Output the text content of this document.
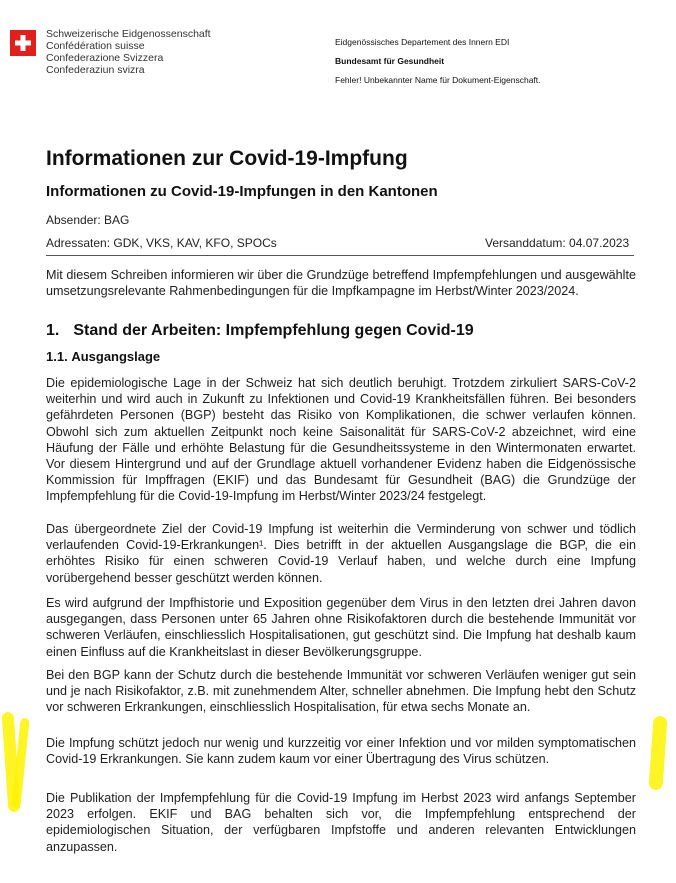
Schweizerische Eidgenossenschaft
Confédération suisse
Confederazione Svizzera
Confederaziun svizra
Eidgenössisches Departement des Innern EDI
Bundesamt für Gesundheit
Fehler! Unbekannter Name für Dokument-Eigenschaft.
Informationen zur Covid-19-Impfung
Informationen zu Covid-19-Impfungen in den Kantonen
Absender: BAG
Adressaten: GDK, VKS, KAV, KFO, SPOCs	Versanddatum: 04.07.2023
Mit diesem Schreiben informieren wir über die Grundzüge betreffend Impfempfehlungen und ausgewählte umsetzungsrelevante Rahmenbedingungen für die Impfkampagne im Herbst/Winter 2023/2024.
1. Stand der Arbeiten: Impfempfehlung gegen Covid-19
1.1. Ausgangslage
Die epidemiologische Lage in der Schweiz hat sich deutlich beruhigt. Trotzdem zirkuliert SARS-CoV-2 weiterhin und wird auch in Zukunft zu Infektionen und Covid-19 Krankheitsfällen führen. Bei besonders gefährdeten Personen (BGP) besteht das Risiko von Komplikationen, die schwer verlaufen können. Obwohl sich zum aktuellen Zeitpunkt noch keine Saisonalität für SARS-CoV-2 abzeichnet, wird eine Häufung der Fälle und erhöhte Belastung für die Gesundheitssysteme in den Wintermonaten erwartet. Vor diesem Hintergrund und auf der Grundlage aktuell vorhandener Evidenz haben die Eidgenössische Kommission für Impffragen (EKIF) und das Bundesamt für Gesundheit (BAG) die Grundzüge der Impfempfehlung für die Covid-19-Impfung im Herbst/Winter 2023/24 festgelegt.
Das übergeordnete Ziel der Covid-19 Impfung ist weiterhin die Verminderung von schwer und tödlich verlaufenden Covid-19-Erkrankungen¹. Dies betrifft in der aktuellen Ausgangslage die BGP, die ein erhöhtes Risiko für einen schweren Covid-19 Verlauf haben, und welche durch eine Impfung vorübergehend besser geschützt werden können.
Es wird aufgrund der Impfhistorie und Exposition gegenüber dem Virus in den letzten drei Jahren davon ausgegangen, dass Personen unter 65 Jahren ohne Risikofaktoren durch die bestehende Immunität vor schweren Verläufen, einschliesslich Hospitalisationen, gut geschützt sind. Die Impfung hat deshalb kaum einen Einfluss auf die Krankheitslast in dieser Bevölkerungsgruppe.
Bei den BGP kann der Schutz durch die bestehende Immunität vor schweren Verläufen weniger gut sein und je nach Risikofaktor, z.B. mit zunehmendem Alter, schneller abnehmen. Die Impfung hebt den Schutz vor schweren Erkrankungen, einschliesslich Hospitalisation, für etwa sechs Monate an.
Die Impfung schützt jedoch nur wenig und kurzzeitig vor einer Infektion und vor milden symptomatischen Covid-19 Erkrankungen. Sie kann zudem kaum vor einer Übertragung des Virus schützen.
Die Publikation der Impfempfehlung für die Covid-19 Impfung im Herbst 2023 wird anfangs September 2023 erfolgen. EKIF und BAG behalten sich vor, die Impfempfehlung entsprechend der epidemiologischen Situation, der verfügbaren Impfstoffe und anderen relevanten Entwicklungen anzupassen.
